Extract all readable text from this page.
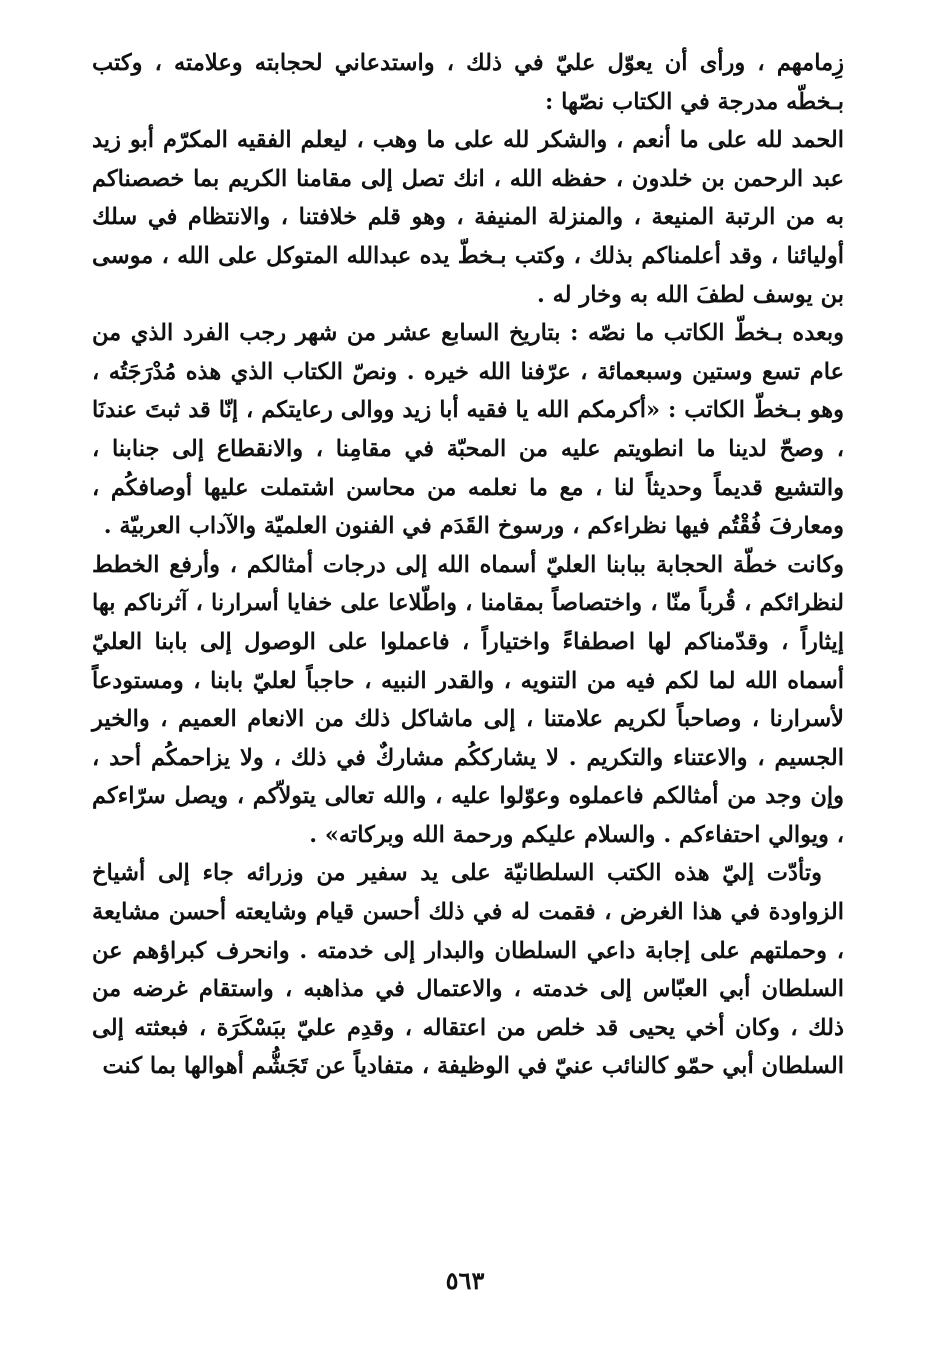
زِمامهم ، ورأى أن يعوّل عليّ في ذلك ، واستدعاني لحجابته وعلامته ، وكتب بـخطّه مدرجة في الكتاب نصّها :

الحمد لله على ما أنعم ، والشكر لله على ما وهب ، ليعلم الفقيه المكرّم أبو زيد عبد الرحمن بن خلدون ، حفظه الله ، انك تصل إلى مقامنا الكريم بما خصصناكم به من الرتبة المنيعة ، والمنزلة المنيفة ، وهو قلم خلافتنا ، والانتظام في سلك أوليائنا ، وقد أعلمناكم بذلك ، وكتب بـخطّ يده عبدالله المتوكل على الله ، موسى بن يوسف لطفَ الله به وخار له .

وبعده بـخطّ الكاتب ما نصّه : بتاريخ السابع عشر من شهر رجب الفرد الذي من عام تسع وستين وسبعمائة ، عرّفنا الله خيره . ونصّ الكتاب الذي هذه مُدْرَجَتُه ، وهو بـخطّ الكاتب : «أكرمكم الله يا فقيه أبا زيد ووالى رعايتكم ، إنّا قد ثبتَ عندنَا ، وصحّ لدينا ما انطويتم عليه من المحبّة في مقامِنا ، والانقطاع إلى جنابنا ، والتشيع قديماً وحديثاً لنا ، مع ما نعلمه من محاسن اشتملت عليها أوصافكُم ، ومعارفَ فُقْتُم فيها نظراءكم ، ورسوخ القَدَم في الفنون العلميّة والآداب العربيّة .

وكانت خطّة الحجابة ببابنا العليّ أسماه الله إلى درجات أمثالكم ، وأرفع الخطط لنظرائكم ، قُرباً منّا ، واختصاصاً بمقامنا ، واطّلاعا على خفايا أسرارنا ، آثرناكم بها إيثاراً ، وقدّمناكم لها اصطفاءً واختياراً ، فاعملوا على الوصول إلى بابنا العليّ أسماه الله لما لكم فيه من التنويه ، والقدر النبيه ، حاجباً لعليّ بابنا ، ومستودعاً لأسرارنا ، وصاحباً لكريم علامتنا ، إلى ماشاكل ذلك من الانعام العميم ، والخير الجسيم ، والاعتناء والتكريم . لا يشارككُم مشاركٌ في ذلك ، ولا يزاحمكُم أحد ، وإن وجد من أمثالكم فاعملوه وعوّلوا عليه ، والله تعالى يتولاّكم ، ويصل سرّاءكم ، ويوالي احتفاءكم . والسلام عليكم ورحمة الله وبركاته» .

وتأدّت إليّ هذه الكتب السلطانيّة على يد سفير من وزرائه جاء إلى أشياخ الزواودة في هذا الغرض ، فقمت له في ذلك أحسن قيام وشايعته أحسن مشايعة ، وحملتهم على إجابة داعي السلطان والبدار إلى خدمته . وانحرف كبراؤهم عن السلطان أبي العبّاس إلى خدمته ، والاعتمال في مذاهبه ، واستقام غرضه من ذلك ، وكان أخي يحيى قد خلص من اعتقاله ، وقدِم عليّ ببَسْكَرَة ، فبعثته إلى السلطان أبي حمّو كالنائب عنيّ في الوظيفة ، متفادياً عن تَجَشُّم أهوالها بما كنت

٥٦٣
